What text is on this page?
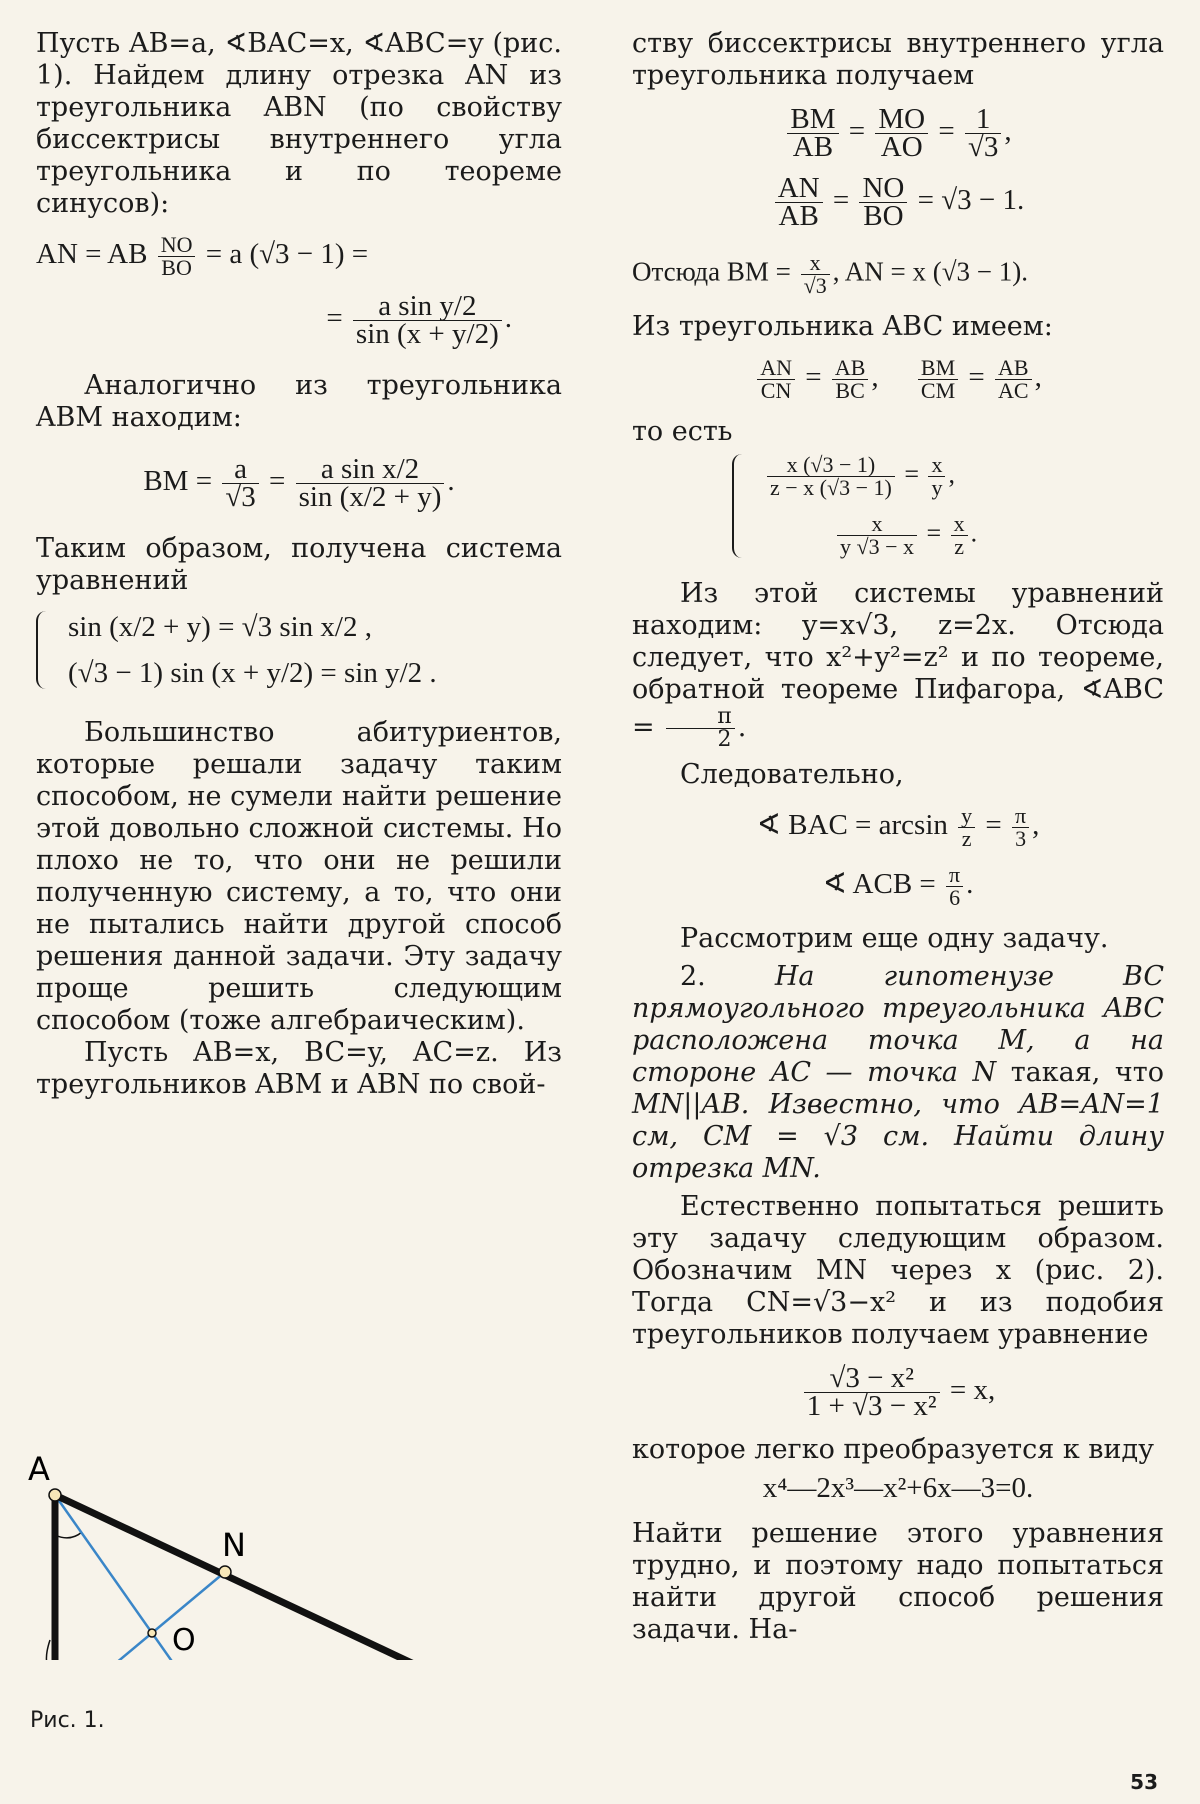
Пусть AB=a, ∢BAC=x, ∢ABC=y (рис. 1). Найдем длину отрезка AN из треугольника ABN (по свойству биссектрисы внутреннего угла треугольника и по теореме синусов):

AN = AB $\frac{NO}{BO} = a$ (√3 − 1) =
= $\frac{\text{a sin y/2}}{\sin (x + y/2)}$ .

Аналогично из треугольника ABM находим:

BM = $\frac{a}{√3} = \frac{\text{a sin x/2}}{\sin (x/2 + y)}$ .

Таким образом, получена система уравнений

sin (x/2 + y) = √3 sin x/2 ,
(√3 − 1) sin (x + y/2) = sin y/2 .

Большинство абитуриентов, которые решали задачу таким способом, не сумели найти решение этой довольно сложной системы. Но плохо не то, что они не решили полученную систему, а то, что они не пытались найти другой способ решения данной задачи. Эту задачу проще решить следующим способом (тоже алгебраическим).

Пусть AB=x, BC=y, AC=z. Из треугольников ABM и ABN по свой-

A
N
O
Рис. 1.

ству биссектрисы внутреннего угла треугольника получаем

$\frac{BM}{AB} = \frac{MO}{AO} = \frac{1}{√3}$ ,
$\frac{AN}{AB} = \frac{NO}{BO} = √3 - 1$.
Отсюда BM = $\frac{x}{√3}$ , AN = x (√3 − 1).

Из треугольника ABC имеем:

$\frac{AN}{CN} = \frac{AB}{BC}$ , $\frac{BM}{CM} = \frac{AB}{AC}$ ,

то есть

$\frac{x (√3 - 1)}{z - x (√3 - 1)} = \frac{x}{y}$ ,
$\frac{x}{y √3 - x} = \frac{x}{z}$ .

Из этой системы уравнений находим: y=x√3, z=2x. Отсюда следует, что x²+y²=z² и по теореме, обратной теореме Пифагора, ∢ABC = $\frac{\pi}{2}$ .

Следовательно,

∢ BAC = $\arcsin \frac{y}{z} = \frac{\pi}{3}$ ,
∢ ACB = $\frac{\pi}{6}$ .

Рассмотрим еще одну задачу.

2.	На гипотенузе BC прямоугольного треугольника ABC расположена точка M, а на стороне AC — точка N такая, что MN||AB. Известно, что AB=AN=1 см, CM = √3 см. Найти длину отрезка MN.

Естественно попытаться решить эту задачу следующим образом. Обозначим MN через x (рис. 2). Тогда CN=√3−x² и из подобия треугольников получаем уравнение

$\frac{\text{√3 − x²}}{\text{1 + √3 − x²}} = x$,

которое легко преобразуется к виду

x⁴—2x³—x²+6x—3=0.

Найти решение этого уравнения трудно, и поэтому надо попытаться найти другой способ решения задачи. На-

53
